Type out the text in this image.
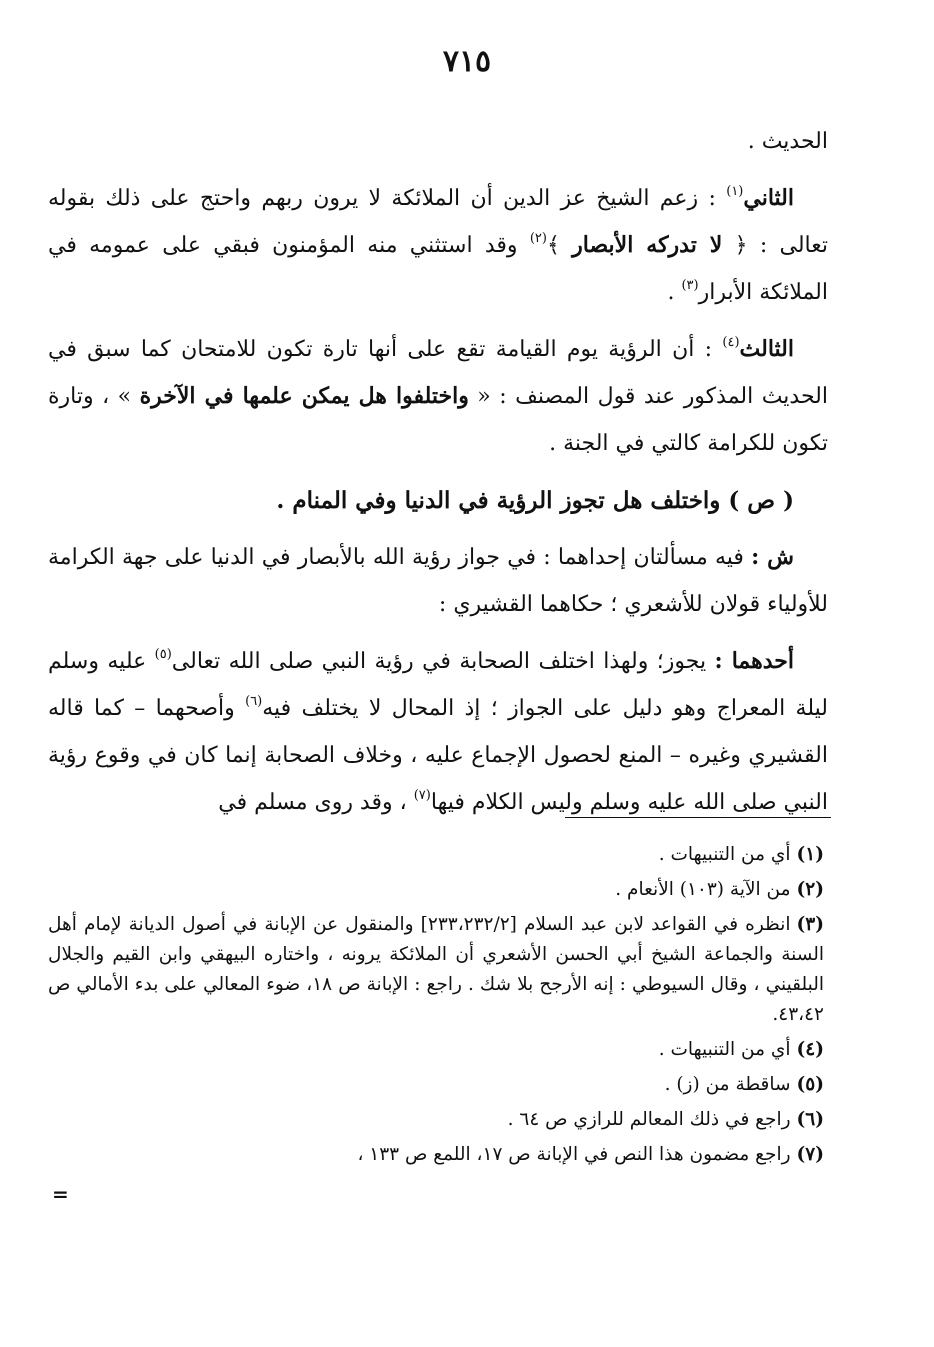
٧١٥

الحديث .

الثاني$^{(١)}$ : زعم الشيخ عز الدين أن الملائكة لا يرون ربهم واحتج على ذلك بقوله تعالى : ﴿ لا تدركه الأبصار ﴾$^{(٢)}$ وقد استثني منه المؤمنون فبقي على عمومه في الملائكة الأبرار$^{(٣)}$ .

الثالث$^{(٤)}$ : أن الرؤية يوم القيامة تقع على أنها تارة تكون للامتحان كما سبق في الحديث المذكور عند قول المصنف : « واختلفوا هل يمكن علمها في الآخرة » ، وتارة تكون للكرامة كالتي في الجنة .

( ص ) واختلف هل تجوز الرؤية في الدنيا وفي المنام .

ش : فيه مسألتان إحداهما : في جواز رؤية الله بالأبصار في الدنيا على جهة الكرامة للأولياء قولان للأشعري ؛ حكاهما القشيري :

أحدهما : يجوز؛ ولهذا اختلف الصحابة في رؤية النبي صلى الله تعالى$^{(٥)}$ عليه وسلم ليلة المعراج وهو دليل على الجواز ؛ إذ المحال لا يختلف فيه$^{(٦)}$ وأصحهما – كما قاله القشيري وغيره – المنع لحصول الإجماع عليه ، وخلاف الصحابة إنما كان في وقوع رؤية النبي صلى الله عليه وسلم وليس الكلام فيها$^{(٧)}$ ، وقد روى مسلم في

(١)أي من التنبيهات .

(٢)من الآية (١٠٣) الأنعام .

(٣)انظره في القواعد لابن عبد السلام [٢٣٣،٢٣٢/٢] والمنقول عن الإبانة في أصول الديانة لإمام أهل السنة والجماعة الشيخ أبي الحسن الأشعري أن الملائكة يرونه ، واختاره البيهقي وابن القيم والجلال البلقيني ، وقال السيوطي : إنه الأرجح بلا شك . راجع : الإبانة ص ١٨، ضوء المعالي على بدء الأمالي ص ٤٣،٤٢.

(٤)أي من التنبيهات .

(٥)ساقطة من (ز) .

(٦)راجع في ذلك المعالم للرازي ص ٦٤ .

(٧)راجع مضمون هذا النص في الإبانة ص ١٧، اللمع ص ١٣٣ ،

=
